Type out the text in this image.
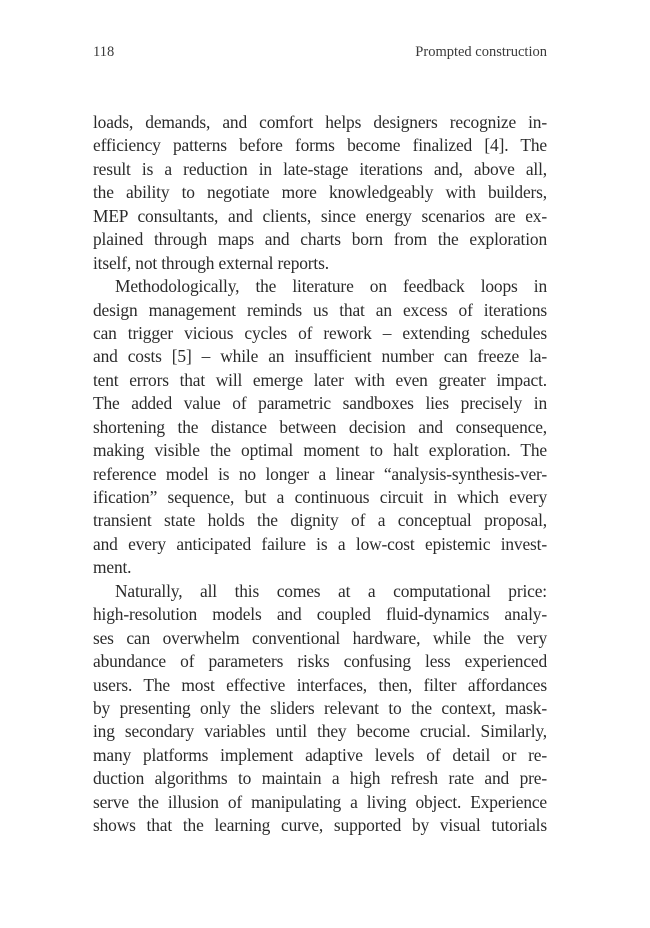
118	Prompted construction
loads, demands, and comfort helps designers recognize in-
efficiency patterns before forms become finalized [4]. The
result is a reduction in late-stage iterations and, above all,
the ability to negotiate more knowledgeably with builders,
MEP consultants, and clients, since energy scenarios are ex-
plained through maps and charts born from the exploration
itself, not through external reports.
Methodologically, the literature on feedback loops in
design management reminds us that an excess of iterations
can trigger vicious cycles of rework – extending schedules
and costs [5] – while an insufficient number can freeze la-
tent errors that will emerge later with even greater impact.
The added value of parametric sandboxes lies precisely in
shortening the distance between decision and consequence,
making visible the optimal moment to halt exploration. The
reference model is no longer a linear “analysis-synthesis-ver-
ification” sequence, but a continuous circuit in which every
transient state holds the dignity of a conceptual proposal,
and every anticipated failure is a low-cost epistemic invest-
ment.
Naturally, all this comes at a computational price:
high-resolution models and coupled fluid-dynamics analy-
ses can overwhelm conventional hardware, while the very
abundance of parameters risks confusing less experienced
users. The most effective interfaces, then, filter affordances
by presenting only the sliders relevant to the context, mask-
ing secondary variables until they become crucial. Similarly,
many platforms implement adaptive levels of detail or re-
duction algorithms to maintain a high refresh rate and pre-
serve the illusion of manipulating a living object. Experience
shows that the learning curve, supported by visual tutorials
